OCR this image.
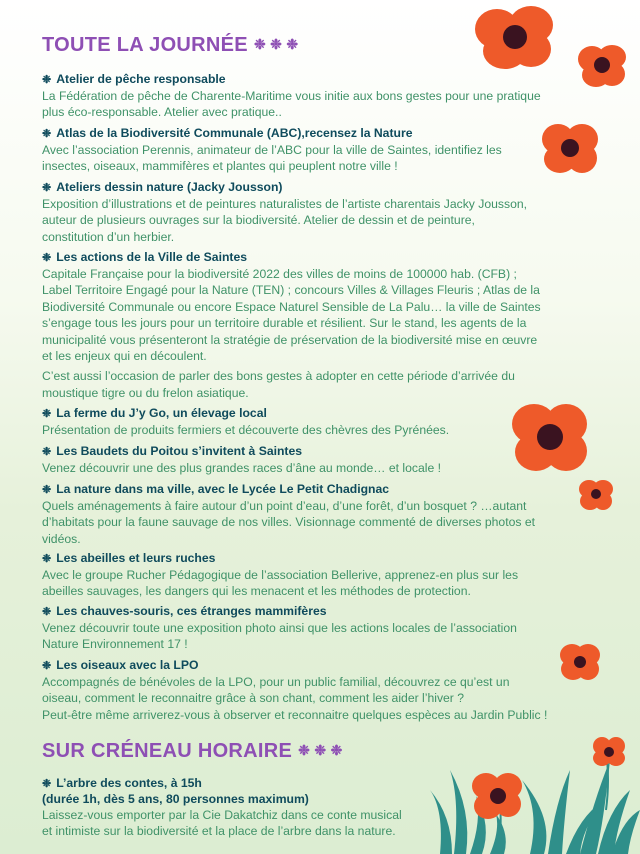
TOUTE LA JOURNÉE ❉ ❉ ❉
❉ Atelier de pêche responsable
La Fédération de pêche de Charente-Maritime vous initie aux bons gestes pour une pratique
plus éco-responsable. Atelier avec pratique..
❉ Atlas de la Biodiversité Communale (ABC),recensez la Nature
Avec l’association Perennis, animateur de l’ABC pour la ville de Saintes, identifiez les
insectes, oiseaux, mammifères et plantes qui peuplent notre ville !
❉ Ateliers dessin nature (Jacky Jousson)
Exposition d’illustrations et de peintures naturalistes de l’artiste charentais Jacky Jousson,
auteur de plusieurs ouvrages sur la biodiversité. Atelier de dessin et de peinture,
constitution d’un herbier.
❉ Les actions de la Ville de Saintes
Capitale Française pour la biodiversité 2022 des villes de moins de 100000 hab. (CFB) ;
Label Territoire Engagé pour la Nature (TEN) ; concours Villes & Villages Fleuris ; Atlas de la
Biodiversité Communale ou encore Espace Naturel Sensible de La Palu… la ville de Saintes
s’engage tous les jours pour un territoire durable et résilient. Sur le stand, les agents de la
municipalité vous présenteront la stratégie de préservation de la biodiversité mise en œuvre
et les enjeux qui en découlent.
C’est aussi l’occasion de parler des bons gestes à adopter en cette période d’arrivée du
moustique tigre ou du frelon asiatique.
❉ La ferme du J’y Go, un élevage local
Présentation de produits fermiers et découverte des chèvres des Pyrénées.
❉ Les Baudets du Poitou s’invitent à Saintes
Venez découvrir une des plus grandes races d’âne au monde… et locale !
❉ La nature dans ma ville, avec le Lycée Le Petit Chadignac
Quels aménagements à faire autour d’un point d’eau, d’une forêt, d’un bosquet ? …autant
d’habitats pour la faune sauvage de nos villes. Visionnage commenté de diverses photos et
vidéos.
❉ Les abeilles et leurs ruches
Avec le groupe Rucher Pédagogique de l’association Bellerive, apprenez-en plus sur les
abeilles sauvages, les dangers qui les menacent et les méthodes de protection.
❉ Les chauves-souris, ces étranges mammifères
Venez découvrir toute une exposition photo ainsi que les actions locales de l’association
Nature Environnement 17 !
❉ Les oiseaux avec la LPO
Accompagnés de bénévoles de la LPO, pour un public familial, découvrez ce qu’est un
oiseau, comment le reconnaitre grâce à son chant, comment les aider l’hiver ?
Peut-être même arriverez-vous à observer et reconnaitre quelques espèces au Jardin Public !
SUR CRÉNEAU HORAIRE ❉ ❉ ❉
❉ L’arbre des contes, à 15h
(durée 1h, dès 5 ans, 80 personnes maximum)
Laissez-vous emporter par la Cie Dakatchiz dans ce conte musical
et intimiste sur la biodiversité et la place de l’arbre dans la nature.
